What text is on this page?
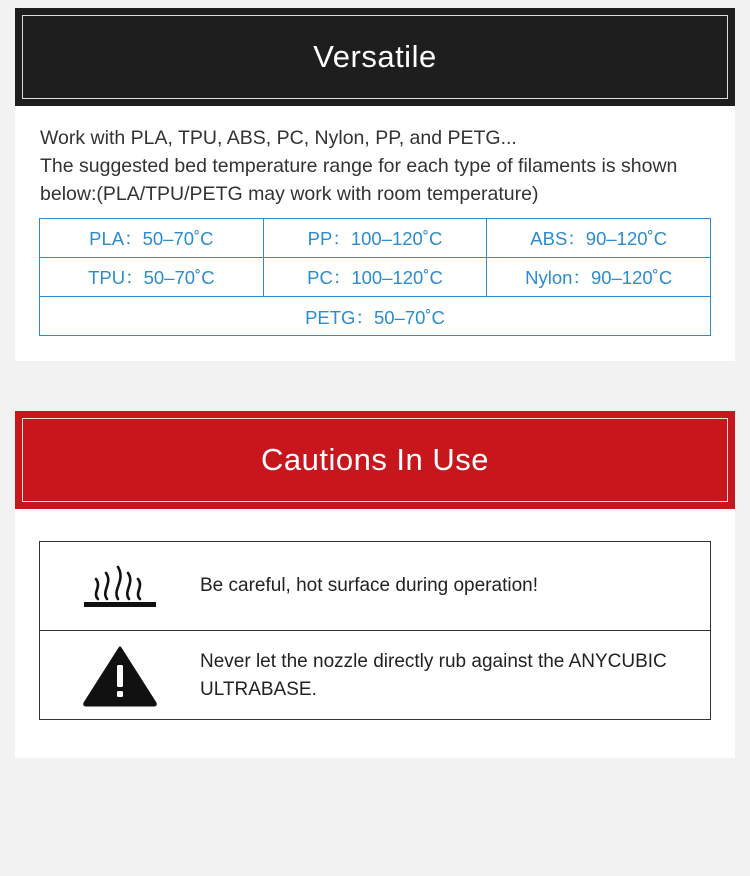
Versatile
Work with PLA, TPU, ABS, PC, Nylon, PP, and PETG...
The suggested bed temperature range for each type of filaments is shown below:(PLA/TPU/PETG may work with room temperature)
PLA：50–70˚C	PP：100–120˚C	ABS：90–120˚C
TPU：50–70˚C	PC：100–120˚C	Nylon：90–120˚C
PETG：50–70˚C
Cautions In Use
Be careful, hot surface during operation!
Never let the nozzle directly rub against the ANYCUBIC ULTRABASE.
